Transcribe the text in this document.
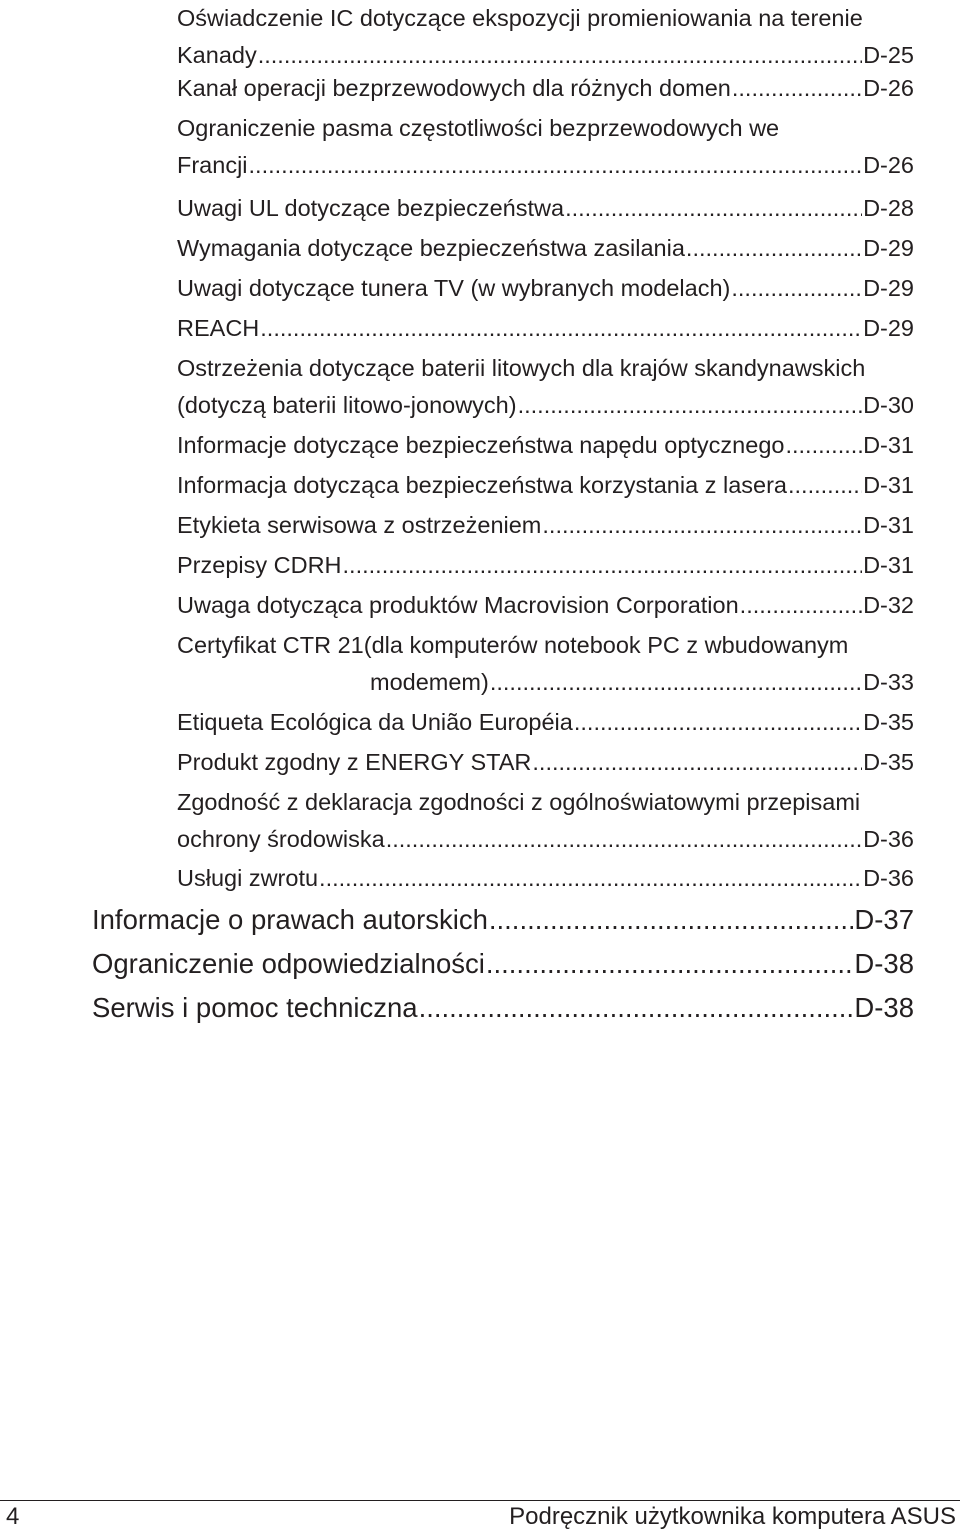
Oświadczenie IC dotyczące ekspozycji promieniowania na terenie
Kanady .....	D-25
Kanał operacji bezprzewodowych dla różnych domen .....	D-26
Ograniczenie pasma częstotliwości bezprzewodowych we
Francji .....	D-26
Uwagi UL dotyczące bezpieczeństwa .....	D-28
Wymagania dotyczące bezpieczeństwa zasilania .....	D-29
Uwagi dotyczące tunera TV (w wybranych modelach) .....	D-29
REACH .....	D-29
Ostrzeżenia dotyczące baterii litowych dla krajów skandynawskich
(dotyczą baterii litowo-jonowych) .....	D-30
Informacje dotyczące bezpieczeństwa napędu optycznego .....	D-31
Informacja dotycząca bezpieczeństwa korzystania z lasera .....	D-31
Etykieta serwisowa z ostrzeżeniem .....	D-31
Przepisy CDRH .....	D-31
Uwaga dotycząca produktów Macrovision Corporation .....	D-32
Certyfikat CTR 21(dla komputerów notebook PC z wbudowanym
modemem) .....	D-33
Etiqueta Ecológica da União Européia .....	D-35
Produkt zgodny z ENERGY STAR .....	D-35
Zgodność z deklaracja zgodności z ogólnoświatowymi przepisami
ochrony środowiska .....	D-36
Usługi zwrotu .....	D-36
Informacje o prawach autorskich .....	D-37
Ograniczenie odpowiedzialności .....	D-38
Serwis i pomoc techniczna .....	D-38
4	Podręcznik użytkownika komputera ASUS
